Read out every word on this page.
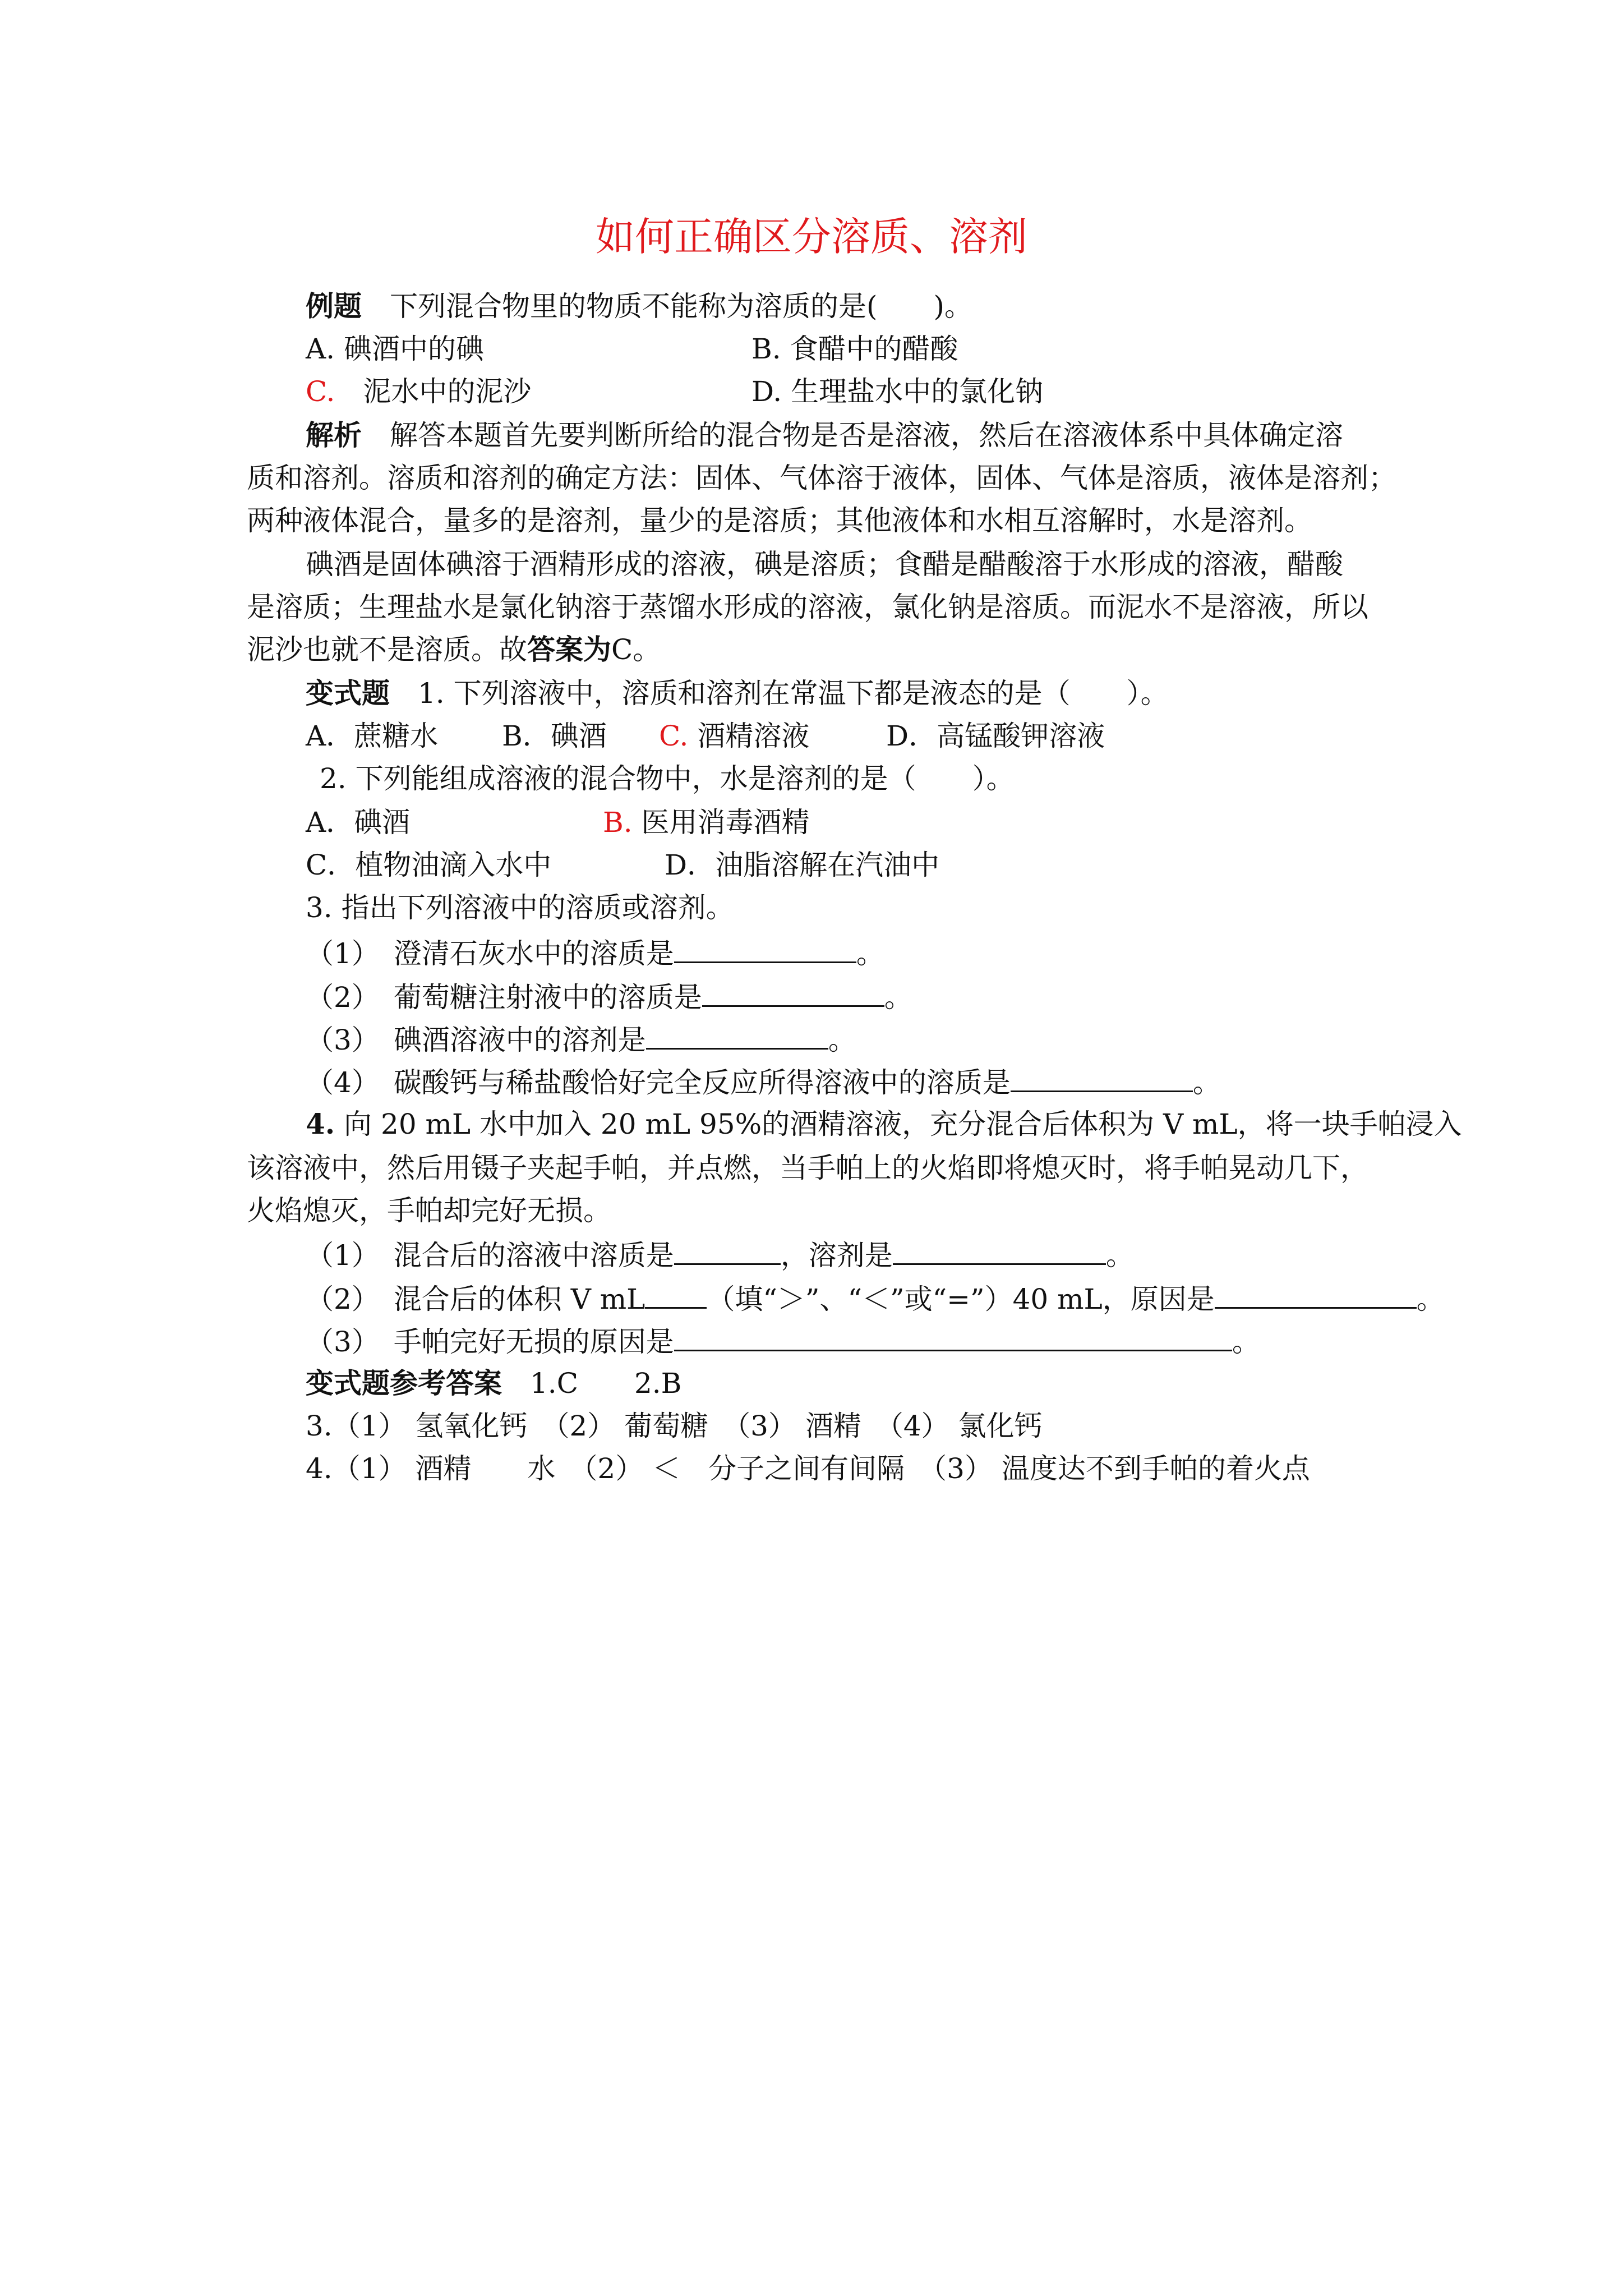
如何正确区分溶质、溶剂
例题　 下列混合物里的物质不能称为溶质的是(　　)。
A. 碘酒中的碘	B. 食醋中的醋酸
C.　 泥水中的泥沙	D. 生理盐水中的氯化钠
解析　 解答本题首先要判断所给的混合物是否是溶液，然后在溶液体系中具体确定溶
质和溶剂。溶质和溶剂的确定方法：固体、气体溶于液体，固体、气体是溶质，液体是溶剂；
两种液体混合，量多的是溶剂，量少的是溶质；其他液体和水相互溶解时，水是溶剂。
碘酒是固体碘溶于酒精形成的溶液，碘是溶质；食醋是醋酸溶于水形成的溶液，醋酸
是溶质；生理盐水是氯化钠溶于蒸馏水形成的溶液，氯化钠是溶质。而泥水不是溶液，所以
泥沙也就不是溶质。故答案为C。
变式题　 1. 下列溶液中，溶质和溶剂在常温下都是液态的是（　　）。
A．蔗糖水 B．碘酒 C. 酒精溶液	D．高锰酸钾溶液
2. 下列能组成溶液的混合物中，水是溶剂的是（　　）。
A．碘酒	B. 医用消毒酒精
C．植物油滴入水中	D．油脂溶解在汽油中
3. 指出下列溶液中的溶质或溶剂。
（1）　 澄清石灰水中的溶质是	。
（2）　 葡萄糖注射液中的溶质是	。
（3）　 碘酒溶液中的溶剂是	。
（4）　 碳酸钙与稀盐酸恰好完全反应所得溶液中的溶质是	。
4. 向 20 mL 水中加入 20 mL 95%的酒精溶液，充分混合后体积为 V mL，将一块手帕浸入
该溶液中，然后用镊子夹起手帕，并点燃，当手帕上的火焰即将熄灭时，将手帕晃动几下，
火焰熄灭，手帕却完好无损。
（1）　 混合后的溶液中溶质是	，溶剂是	。
（2）　 混合后的体积 V mL （填“＞”、“＜”或“=”）40 mL，原因是	。
（3）　 手帕完好无损的原因是	。
变式题参考答案　 1.C　　2.B
3.（1） 氢氧化钙　（2） 葡萄糖　（3） 酒精　（4） 氯化钙
4.（1） 酒精　　水　（2） ＜　分子之间有间隔　（3） 温度达不到手帕的着火点
